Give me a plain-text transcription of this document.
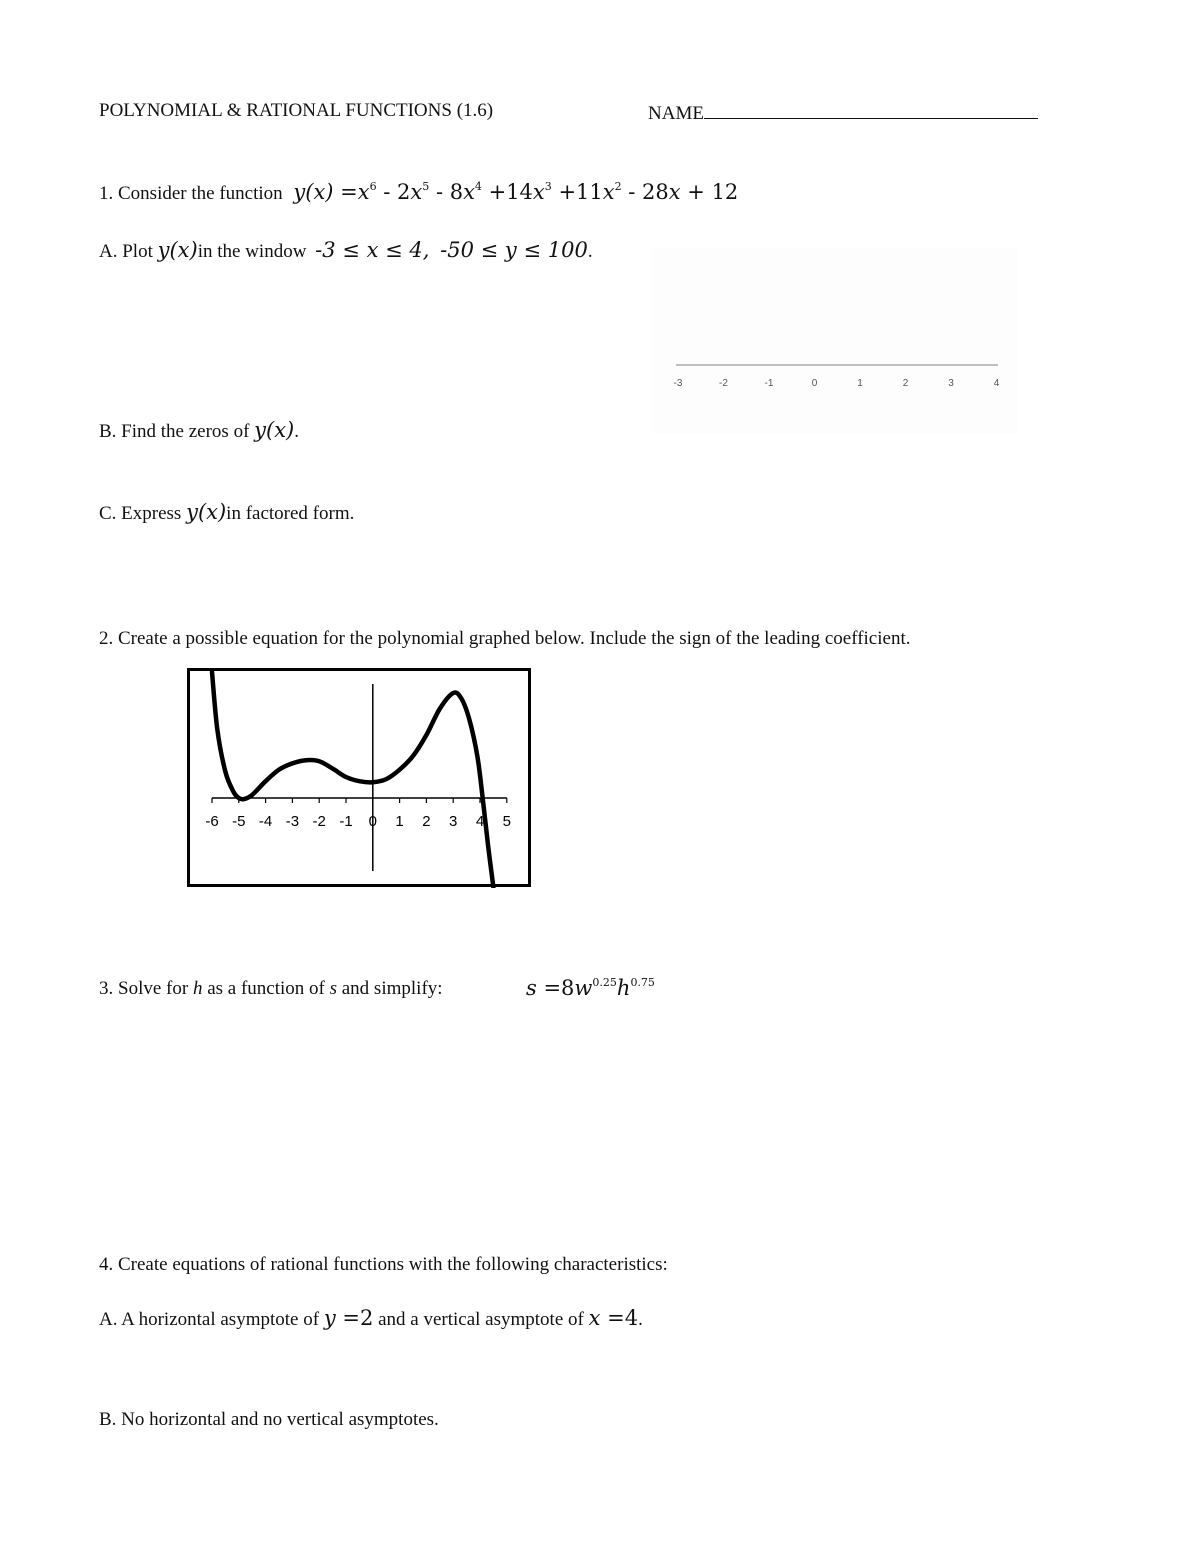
POLYNOMIAL & RATIONAL FUNCTIONS (1.6)	NAME
1. Consider the function $y(x) =x^6 - 2x^5 - 8x^4 +14x^3 +11x^2 - 28x + 12$
A. Plot y(x)in the window -3 ≤ x ≤ 4, -50 ≤ y ≤ 100.
-3	-2	-1	0	1	2	3	4
B. Find the zeros of y(x).
C. Express y(x)in factored form.
2. Create a possible equation for the polynomial graphed below. Include the sign of the leading coefficient.
-6 -5 -4 -3 -2 -1 0 1 2 3 4 5
3. Solve for h as a function of s and simplify:	$s =8w^{0.25}h^{0.75}$
4. Create equations of rational functions with the following characteristics:
A. A horizontal asymptote of y =2 and a vertical asymptote of x =4.
B. No horizontal and no vertical asymptotes.
